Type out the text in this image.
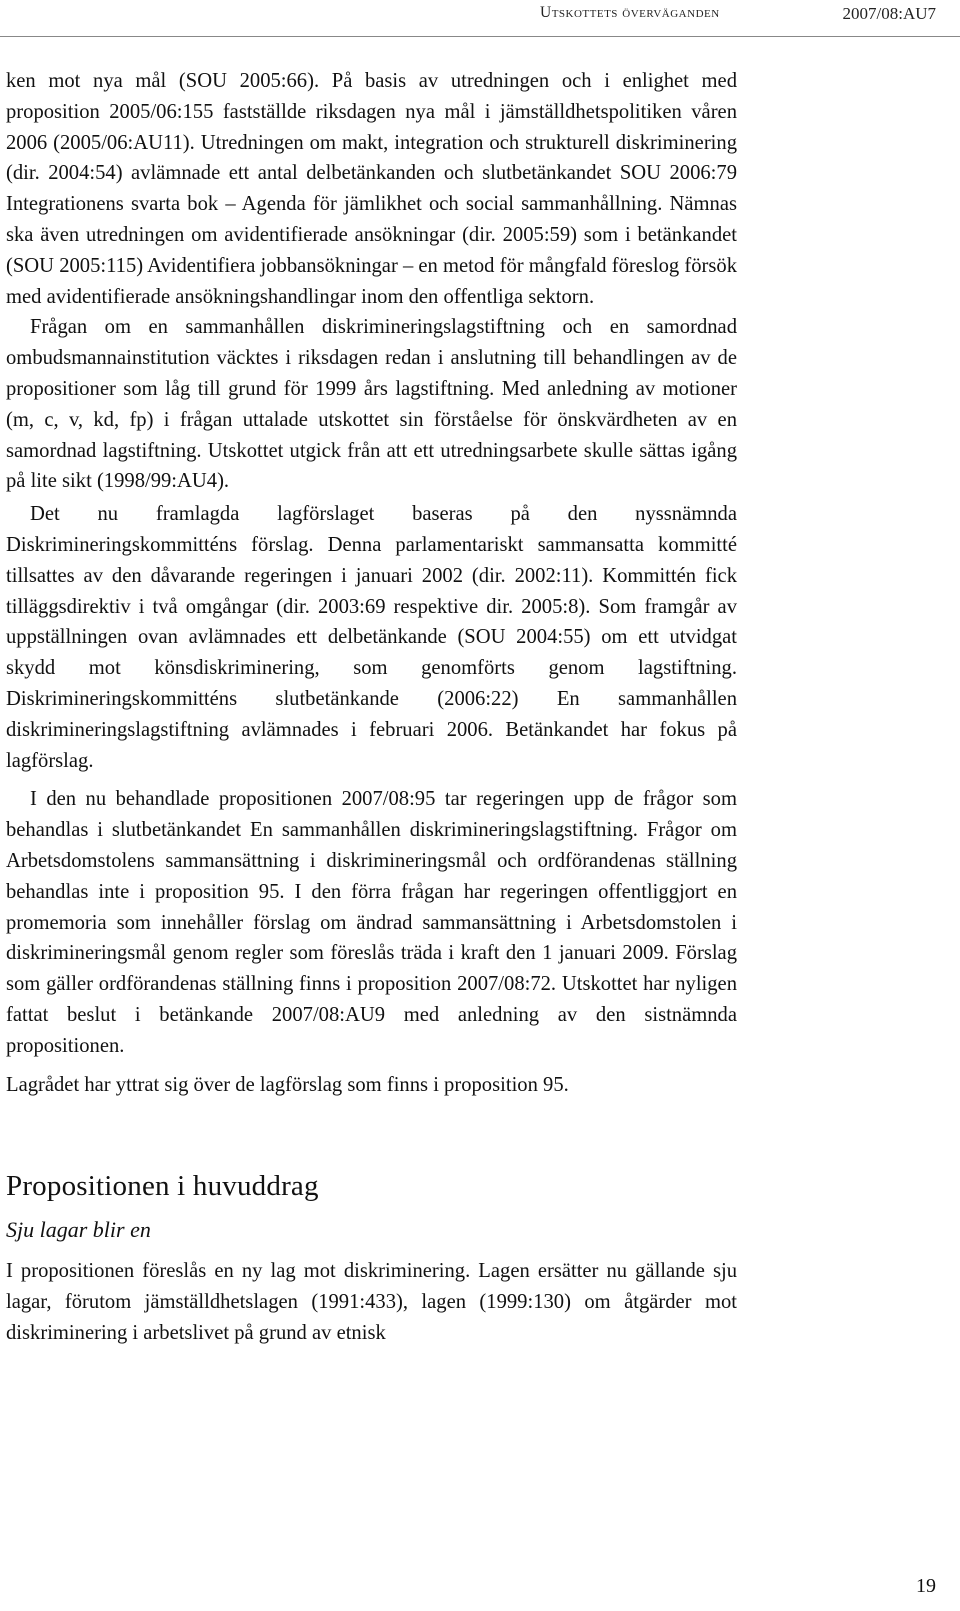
Utskottets överväganden	2007/08:AU7

ken mot nya mål (SOU 2005:66). På basis av utredningen och i enlighet med proposition 2005/06:155 fastställde riksdagen nya mål i jämställdhetspolitiken våren 2006 (2005/06:AU11). Utredningen om makt, integration och strukturell diskriminering (dir. 2004:54) avlämnade ett antal delbetänkanden och slutbetänkandet SOU 2006:79 Integrationens svarta bok – Agenda för jämlikhet och social sammanhållning. Nämnas ska även utredningen om avidentifierade ansökningar (dir. 2005:59) som i betänkandet (SOU 2005:115) Avidentifiera jobbansökningar – en metod för mångfald föreslog försök med avidentifierade ansökningshandlingar inom den offentliga sektorn.

Frågan om en sammanhållen diskrimineringslagstiftning och en samordnad ombudsmannainstitution väcktes i riksdagen redan i anslutning till behandlingen av de propositioner som låg till grund för 1999 års lagstiftning. Med anledning av motioner (m, c, v, kd, fp) i frågan uttalade utskottet sin förståelse för önskvärdheten av en samordnad lagstiftning. Utskottet utgick från att ett utredningsarbete skulle sättas igång på lite sikt (1998/99:AU4).

Det nu framlagda lagförslaget baseras på den nyssnämnda Diskrimineringskommitténs förslag. Denna parlamentariskt sammansatta kommitté tillsattes av den dåvarande regeringen i januari 2002 (dir. 2002:11). Kommittén fick tilläggsdirektiv i två omgångar (dir. 2003:69 respektive dir. 2005:8). Som framgår av uppställningen ovan avlämnades ett delbetänkande (SOU 2004:55) om ett utvidgat skydd mot könsdiskriminering, som genomförts genom lagstiftning. Diskrimineringskommitténs slutbetänkande (2006:22) En sammanhållen diskrimineringslagstiftning avlämnades i februari 2006. Betänkandet har fokus på lagförslag.

I den nu behandlade propositionen 2007/08:95 tar regeringen upp de frågor som behandlas i slutbetänkandet En sammanhållen diskrimineringslagstiftning. Frågor om Arbetsdomstolens sammansättning i diskrimineringsmål och ordförandenas ställning behandlas inte i proposition 95. I den förra frågan har regeringen offentliggjort en promemoria som innehåller förslag om ändrad sammansättning i Arbetsdomstolen i diskrimineringsmål genom regler som föreslås träda i kraft den 1 januari 2009. Förslag som gäller ordförandenas ställning finns i proposition 2007/08:72. Utskottet har nyligen fattat beslut i betänkande 2007/08:AU9 med anledning av den sistnämnda propositionen.

Lagrådet har yttrat sig över de lagförslag som finns i proposition 95.

Propositionen i huvuddrag
Sju lagar blir en

I propositionen föreslås en ny lag mot diskriminering. Lagen ersätter nu gällande sju lagar, förutom jämställdhetslagen (1991:433), lagen (1999:130) om åtgärder mot diskriminering i arbetslivet på grund av etnisk

19
